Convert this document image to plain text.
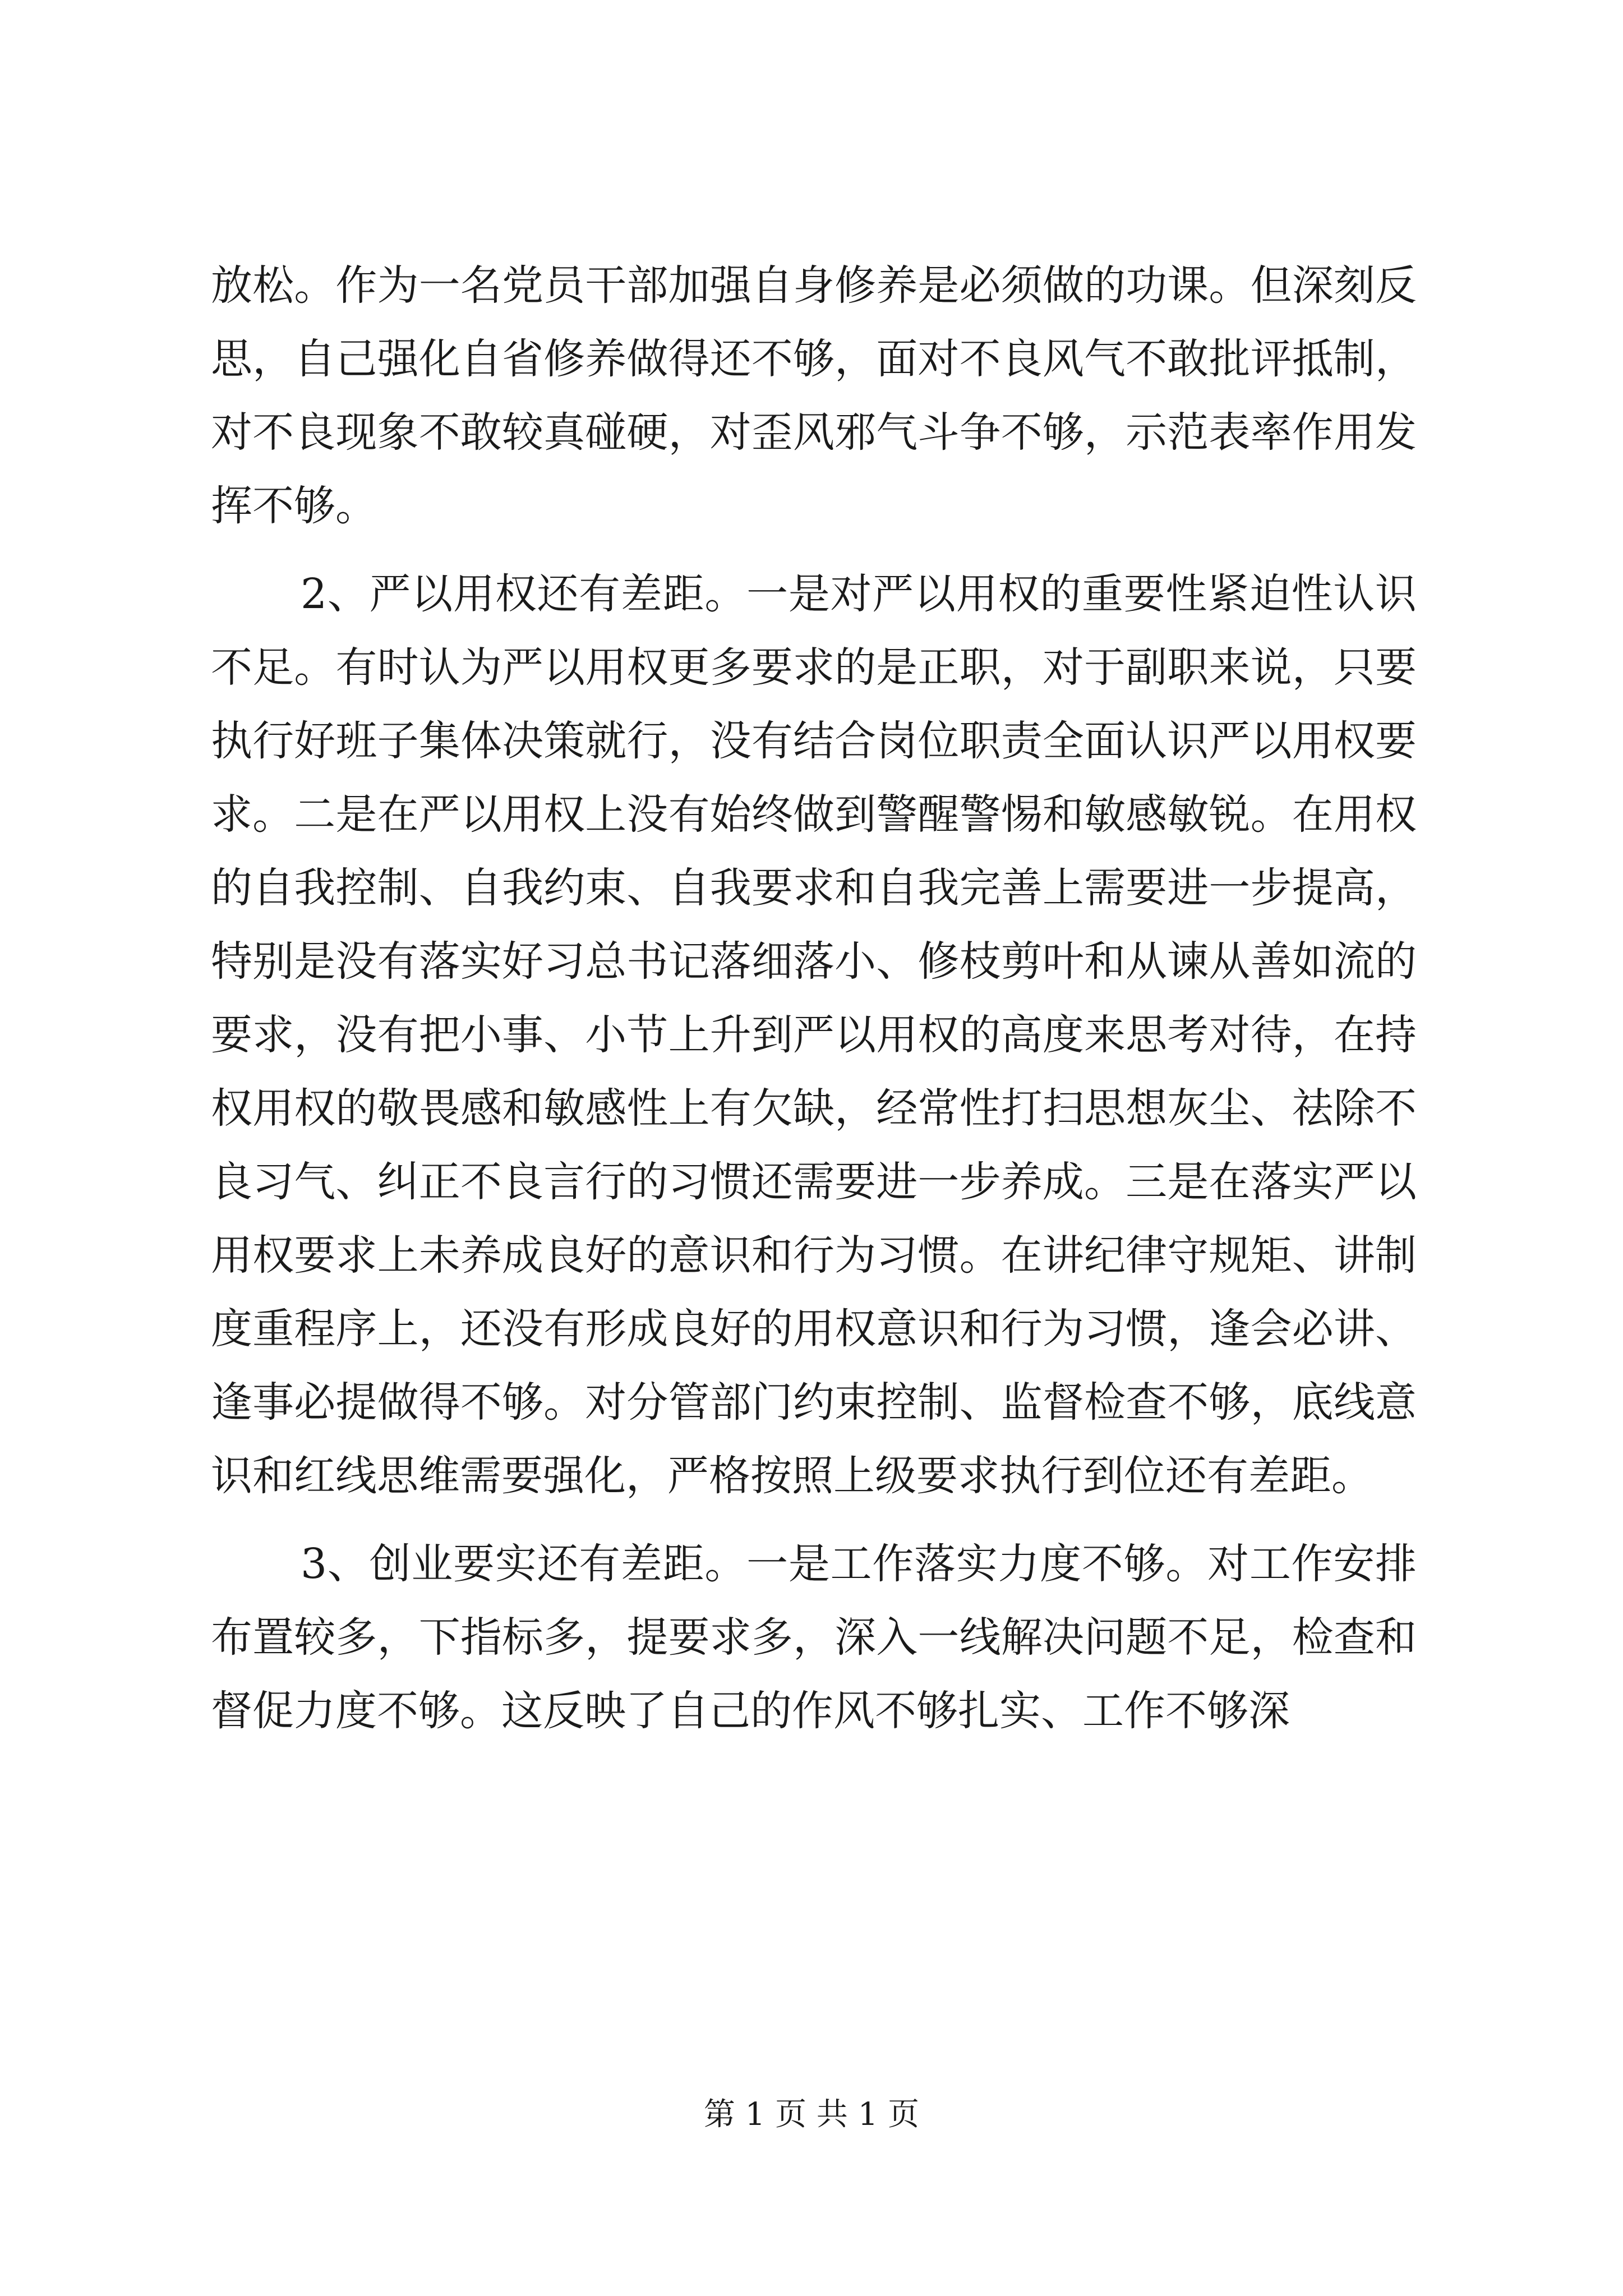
放松。作为一名党员干部加强自身修养是必须做的功课。但深刻反思，自己强化自省修养做得还不够，面对不良风气不敢批评抵制，对不良现象不敢较真碰硬，对歪风邪气斗争不够，示范表率作用发挥不够。

2、严以用权还有差距。一是对严以用权的重要性紧迫性认识不足。有时认为严以用权更多要求的是正职，对于副职来说，只要执行好班子集体决策就行，没有结合岗位职责全面认识严以用权要求。二是在严以用权上没有始终做到警醒警惕和敏感敏锐。在用权的自我控制、自我约束、自我要求和自我完善上需要进一步提高，特别是没有落实好习总书记落细落小、修枝剪叶和从谏从善如流的要求，没有把小事、小节上升到严以用权的高度来思考对待，在持权用权的敬畏感和敏感性上有欠缺，经常性打扫思想灰尘、祛除不良习气、纠正不良言行的习惯还需要进一步养成。三是在落实严以用权要求上未养成良好的意识和行为习惯。在讲纪律守规矩、讲制度重程序上，还没有形成良好的用权意识和行为习惯，逢会必讲、逢事必提做得不够。对分管部门约束控制、监督检查不够，底线意识和红线思维需要强化，严格按照上级要求执行到位还有差距。

3、创业要实还有差距。一是工作落实力度不够。对工作安排布置较多，下指标多，提要求多，深入一线解决问题不足，检查和督促力度不够。这反映了自己的作风不够扎实、工作不够深

第 1 页 共 1 页
